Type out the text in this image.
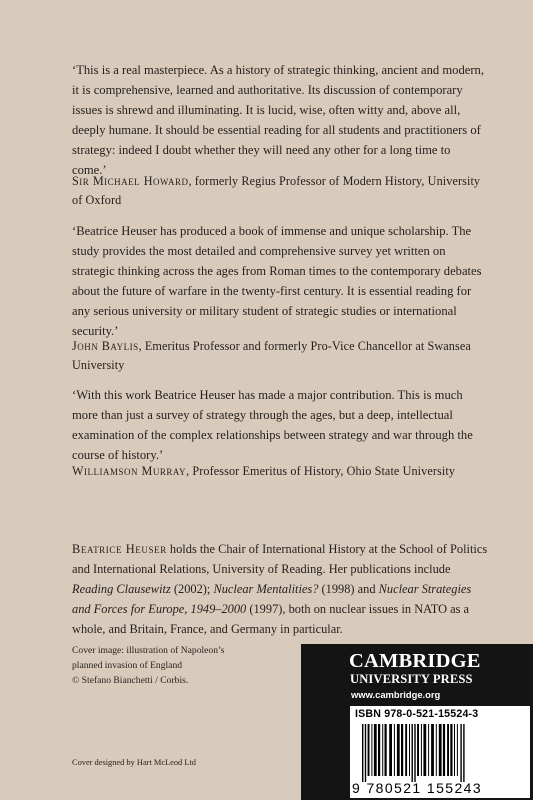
‘This is a real masterpiece. As a history of strategic thinking, ancient and modern, it is comprehensive, learned and authoritative. Its discussion of contemporary issues is shrewd and illuminating. It is lucid, wise, often witty and, above all, deeply humane. It should be essential reading for all students and practitioners of strategy: indeed I doubt whether they will need any other for a long time to come.’

Sir Michael Howard, formerly Regius Professor of Modern History, University of Oxford

‘Beatrice Heuser has produced a book of immense and unique scholarship. The study provides the most detailed and comprehensive survey yet written on strategic thinking across the ages from Roman times to the contemporary debates about the future of warfare in the twenty-first century. It is essential reading for any serious university or military student of strategic studies or international security.’

John Baylis, Emeritus Professor and formerly Pro-Vice Chancellor at Swansea University

‘With this work Beatrice Heuser has made a major contribution. This is much more than just a survey of strategy through the ages, but a deep, intellectual examination of the complex relationships between strategy and war through the course of history.’

Williamson Murray, Professor Emeritus of History, Ohio State University

Beatrice Heuser holds the Chair of International History at the School of Politics and International Relations, University of Reading. Her publications include Reading Clausewitz (2002); Nuclear Mentalities? (1998) and Nuclear Strategies and Forces for Europe, 1949–2000 (1997), both on nuclear issues in NATO as a whole, and Britain, France, and Germany in particular.

Cover image: illustration of Napoleon’s
planned invasion of England
© Stefano Bianchetti / Corbis.

Cover designed by Hart McLeod Ltd

CAMBRIDGE
UNIVERSITY PRESS
www.cambridge.org
ISBN 978-0-521-15524-3
9 780521 155243
